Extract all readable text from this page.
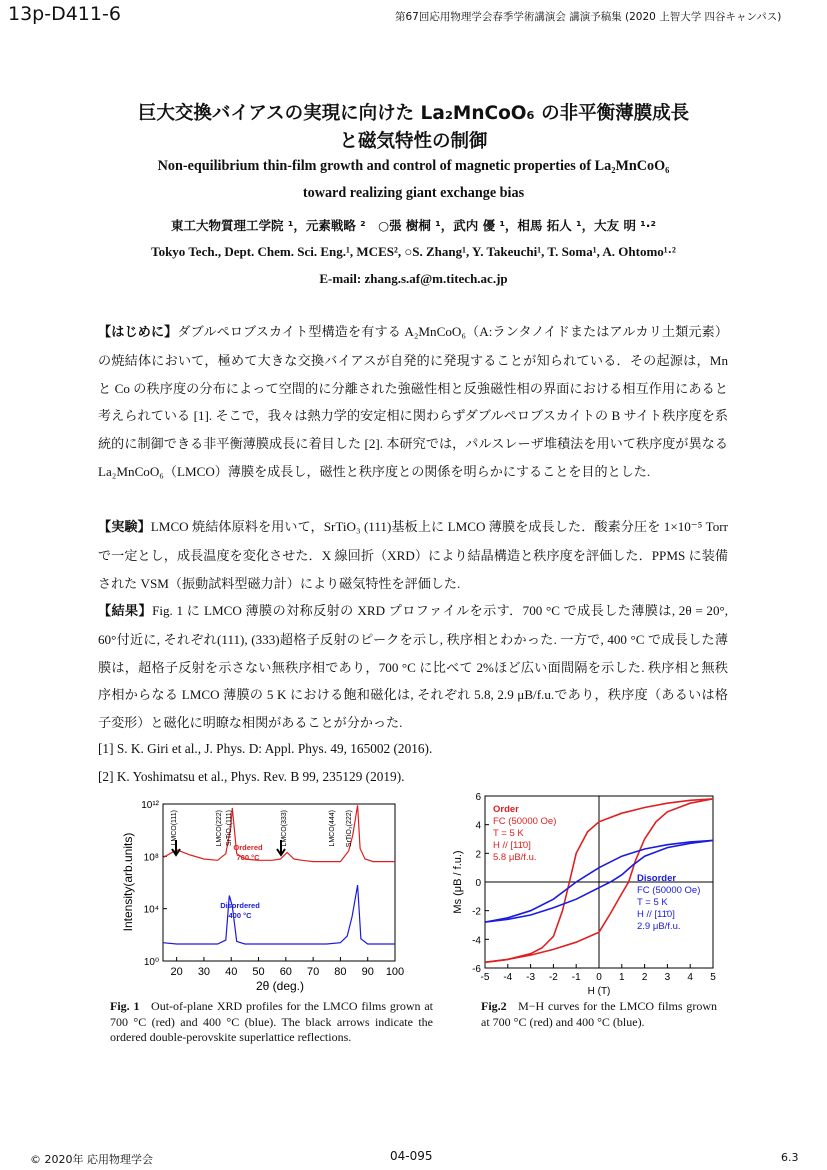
13p-D411-6	第67回応用物理学会春季学術講演会 講演予稿集 (2020 上智大学 四谷キャンパス)
巨大交換バイアスの実現に向けた La₂MnCoO₆ の非平衡薄膜成長
と磁気特性の制御
Non-equilibrium thin-film growth and control of magnetic properties of La₂MnCoO₆
toward realizing giant exchange bias
東工大物質理工学院 ¹，元素戦略 ²　○張 樹桐 ¹，武内 優 ¹，相馬 拓人 ¹，大友 明 ¹·²
Tokyo Tech., Dept. Chem. Sci. Eng.¹, MCES², ○S. Zhang¹, Y. Takeuchi¹, T. Soma¹, A. Ohtomo¹·²
E-mail: zhang.s.af@m.titech.ac.jp
【はじめに】ダブルペロブスカイト型構造を有する A₂MnCoO₆（A:ランタノイドまたはアルカリ土類元素）の焼結体において，極めて大きな交換バイアスが自発的に発現することが知られている．その起源は，Mn と Co の秩序度の分布によって空間的に分離された強磁性相と反強磁性相の界面における相互作用にあると考えられている [1]. そこで，我々は熱力学的安定相に関わらずダブルペロブスカイトの B サイト秩序度を系統的に制御できる非平衡薄膜成長に着目した [2]. 本研究では，パルスレーザ堆積法を用いて秩序度が異なる La₂MnCoO₆（LMCO）薄膜を成長し，磁性と秩序度との関係を明らかにすることを目的とした.
【実験】LMCO 焼結体原料を用いて，SrTiO₃ (111)基板上に LMCO 薄膜を成長した．酸素分圧を 1×10⁻⁵ Torr で一定とし，成長温度を変化させた．X 線回折（XRD）により結晶構造と秩序度を評価した．PPMS に装備された VSM（振動試料型磁力計）により磁気特性を評価した.
【結果】Fig. 1 に LMCO 薄膜の対称反射の XRD プロファイルを示す．700 °C で成長した薄膜は, 2θ = 20°, 60°付近に, それぞれ(111), (333)超格子反射のピークを示し, 秩序相とわかった. 一方で, 400 °C で成長した薄膜は，超格子反射を示さない無秩序相であり，700 °C に比べて 2%ほど広い面間隔を示した. 秩序相と無秩序相からなる LMCO 薄膜の 5 K における飽和磁化は, それぞれ 5.8, 2.9 μB/f.u.であり，秩序度（あるいは格子変形）と磁化に明瞭な相関があることが分かった.
[1] S. K. Giri et al., J. Phys. D: Appl. Phys. 49, 165002 (2016).
[2] K. Yoshimatsu et al., Phys. Rev. B 99, 235129 (2019).
20 30 40 50 60 70 80 90 100
10⁰
10⁴
10⁸
10¹²
LMCO(111)	LMCO(222) SrTiO₃(111)	LMCO(333)	LMCO(444) SrTiO₃(222)
Ordered
700 °C
Disordered
400 °C
2θ (deg.)
Intensity(arb.units)
-5 -4 -3 -2 -1 0 1 2 3 4 5
-6
-4
-2
0
2
4
6
Order
FC (50000 Oe)
T = 5 K
H // [11̄0]
5.8 μB/f.u.
Disorder
FC (50000 Oe)
T = 5 K
H // [11̄0]
2.9 μB/f.u.
H (T)
Ms (μB / f.u.)
Fig. 1 Out-of-plane XRD profiles for the LMCO films grown at 700 °C (red) and 400 °C (blue). The black arrows indicate the ordered double-perovskite superlattice reflections.
Fig.2 M−H curves for the LMCO films grown at 700 °C (red) and 400 °C (blue).
© 2020年 応用物理学会	04-095	6.3
